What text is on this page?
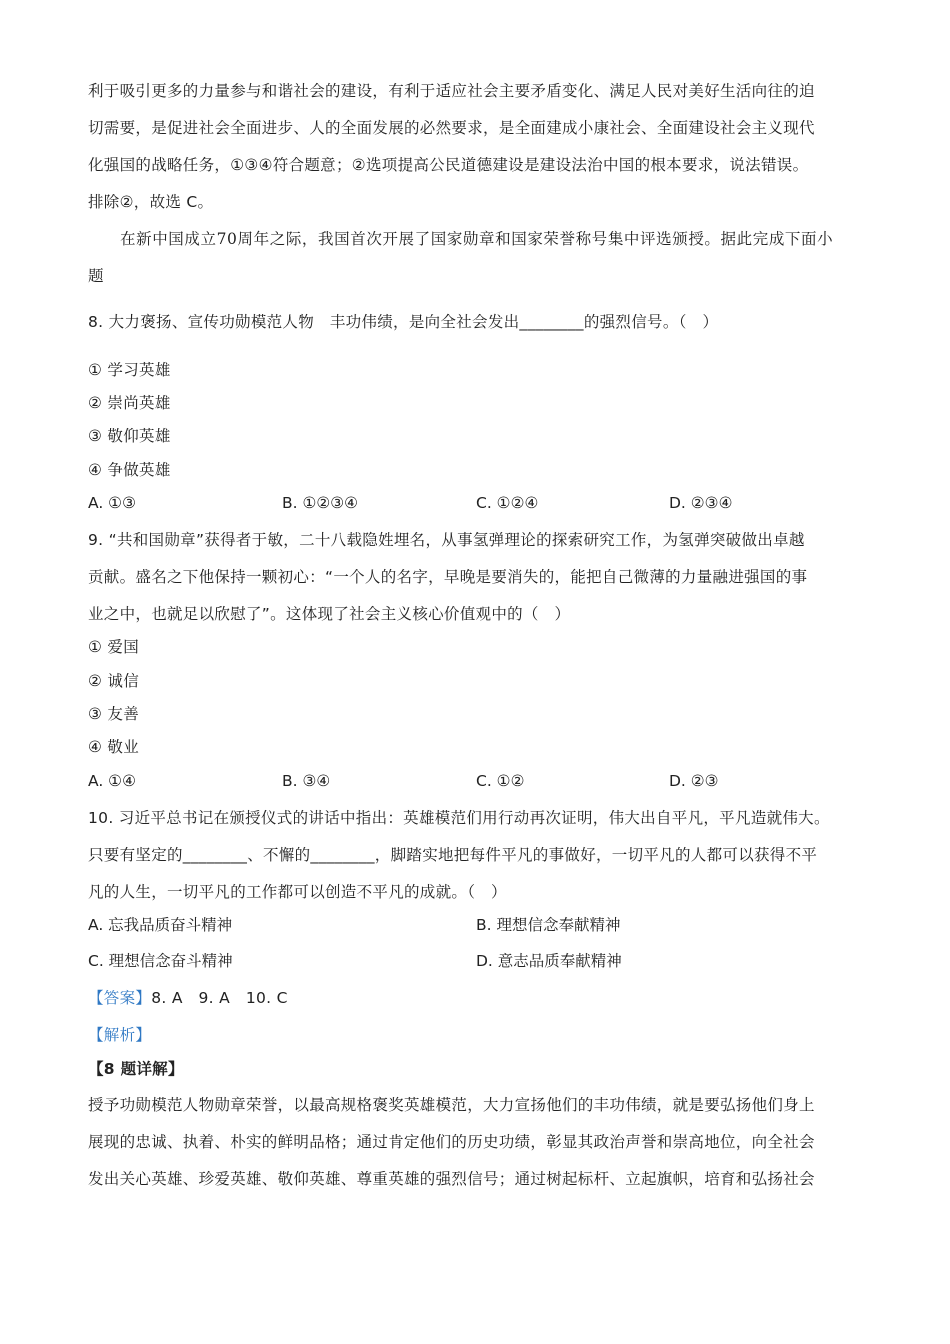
利于吸引更多的力量参与和谐社会的建设，有利于适应社会主要矛盾变化、满足人民对美好生活向往的迫
切需要，是促进社会全面进步、人的全面发展的必然要求，是全面建成小康社会、全面建设社会主义现代
化强国的战略任务，①③④符合题意；②选项提高公民道德建设是建设法治中国的根本要求，说法错误。
排除②，故选 C。
在新中国成立70周年之际，我国首次开展了国家勋章和国家荣誉称号集中评选颁授。据此完成下面小
题
8. 大力褒扬、宣传功勋模范人物　丰功伟绩，是向全社会发出________的强烈信号。（　）
① 学习英雄
② 崇尚英雄
③ 敬仰英雄
④ 争做英雄
A. ①③	B. ①②③④	C. ①②④	D. ②③④
9. “共和国勋章”获得者于敏，二十八载隐姓埋名，从事氢弹理论的探索研究工作，为氢弹突破做出卓越
贡献。盛名之下他保持一颗初心：“一个人的名字，早晚是要消失的，能把自己微薄的力量融进强国的事
业之中，也就足以欣慰了”。这体现了社会主义核心价值观中的（　）
① 爱国
② 诚信
③ 友善
④ 敬业
A. ①④	B. ③④	C. ①②	D. ②③
10. 习近平总书记在颁授仪式的讲话中指出：英雄模范们用行动再次证明，伟大出自平凡，平凡造就伟大。
只要有坚定的________、不懈的________，脚踏实地把每件平凡的事做好，一切平凡的人都可以获得不平
凡的人生，一切平凡的工作都可以创造不平凡的成就。（　）
A. 忘我品质奋斗精神	B. 理想信念奉献精神
C. 理想信念奋斗精神	D. 意志品质奉献精神
【答案】8. A　9. A　10. C
【解析】
【8 题详解】
授予功勋模范人物勋章荣誉，以最高规格褒奖英雄模范，大力宣扬他们的丰功伟绩，就是要弘扬他们身上
展现的忠诚、执着、朴实的鲜明品格；通过肯定他们的历史功绩，彰显其政治声誉和崇高地位，向全社会
发出关心英雄、珍爱英雄、敬仰英雄、尊重英雄的强烈信号；通过树起标杆、立起旗帜，培育和弘扬社会
